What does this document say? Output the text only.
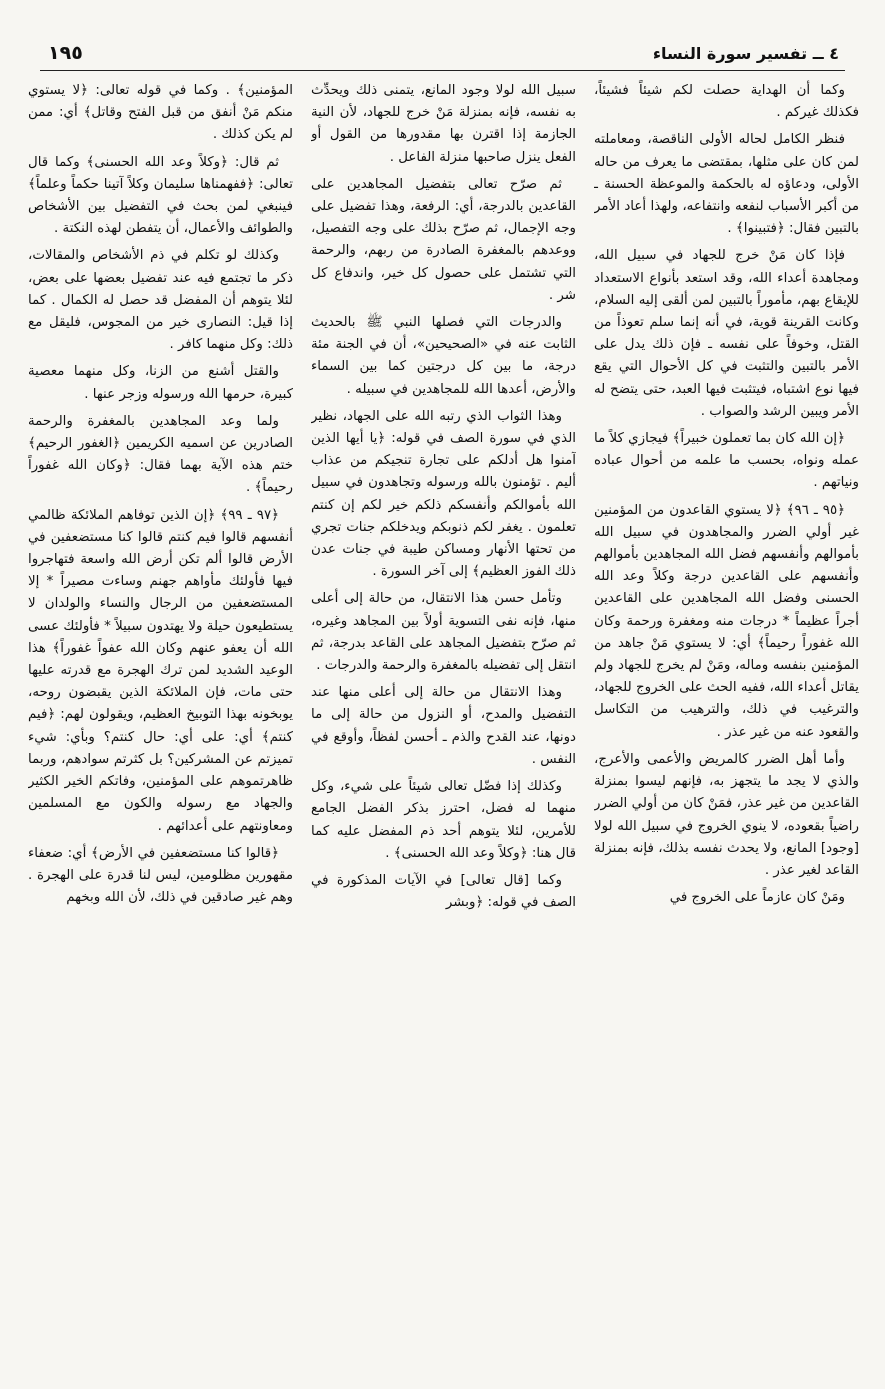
١٩٥	٤ ــ تفسير سورة النساء

وكما أن الهداية حصلت لكم شيئاً فشيئاً، فكذلك غيركم .

فنظر الكامل لحاله الأولى الناقصة، ومعاملته لمن كان على مثلها، بمقتضى ما يعرف من حاله الأولى، ودعاؤه له بالحكمة والموعظة الحسنة ـ من أكبر الأسباب لنفعه وانتفاعه، ولهذا أعاد الأمر بالتبين فقال: ﴿فتبينوا﴾ .

فإذا كان مَنْ خرج للجهاد في سبيل الله، ومجاهدة أعداء الله، وقد استعد بأنواع الاستعداد للإيقاع بهم، مأموراً بالتبين لمن ألقى إليه السلام، وكانت القرينة قوية، في أنه إنما سلم تعوذاً من القتل، وخوفاً على نفسه ـ فإن ذلك يدل على الأمر بالتبين والتثبت في كل الأحوال التي يقع فيها نوع اشتباه، فيتثبت فيها العبد، حتى يتضح له الأمر ويبين الرشد والصواب .

﴿إن الله كان بما تعملون خبيراً﴾ فيجازي كلاً ما عمله ونواه، بحسب ما علمه من أحوال عباده ونياتهم .

﴿٩٥ ـ ٩٦﴾ ﴿لا يستوي القاعدون من المؤمنين غير أولي الضرر والمجاهدون في سبيل الله بأموالهم وأنفسهم فضل الله المجاهدين بأموالهم وأنفسهم على القاعدين درجة وكلاً وعد الله الحسنى وفضل الله المجاهدين على القاعدين أجراً عظيماً * درجات منه ومغفرة ورحمة وكان الله غفوراً رحيماً﴾ أي: لا يستوي مَنْ جاهد من المؤمنين بنفسه وماله، ومَنْ لم يخرج للجهاد ولم يقاتل أعداء الله، ففيه الحث على الخروج للجهاد، والترغيب في ذلك، والترهيب من التكاسل والقعود عنه من غير عذر .

وأما أهل الضرر كالمريض والأعمى والأعرج، والذي لا يجد ما يتجهز به، فإنهم ليسوا بمنزلة القاعدين من غير عذر، فمَنْ كان من أولي الضرر راضياً بقعوده، لا ينوي الخروج في سبيل الله لولا [وجود] المانع، ولا يحدث نفسه بذلك، فإنه بمنزلة القاعد لغير عذر .

ومَنْ كان عازماً على الخروج في

سبيل الله لولا وجود المانع، يتمنى ذلك ويحدِّث به نفسه، فإنه بمنزلة مَنْ خرج للجهاد، لأن النية الجازمة إذا اقترن بها مقدورها من القول أو الفعل ينزل صاحبها منزلة الفاعل .

ثم صرّح تعالى بتفضيل المجاهدين على القاعدين بالدرجة، أي: الرفعة، وهذا تفضيل على وجه الإجمال، ثم صرّح بذلك على وجه التفصيل، ووعدهم بالمغفرة الصادرة من ربهم، والرحمة التي تشتمل على حصول كل خير، واندفاع كل شر .

والدرجات التي فصلها النبي ﷺ بالحديث الثابت عنه في «الصحيحين»، أن في الجنة مئة درجة، ما بين كل درجتين كما بين السماء والأرض، أعدها الله للمجاهدين في سبيله .

وهذا الثواب الذي رتبه الله على الجهاد، نظير الذي في سورة الصف في قوله: ﴿يا أيها الذين آمنوا هل أدلكم على تجارة تنجيكم من عذاب أليم . تؤمنون بالله ورسوله وتجاهدون في سبيل الله بأموالكم وأنفسكم ذلكم خير لكم إن كنتم تعلمون . يغفر لكم ذنوبكم ويدخلكم جنات تجري من تحتها الأنهار ومساكن طيبة في جنات عدن ذلك الفوز العظيم﴾ إلى آخر السورة .

وتأمل حسن هذا الانتقال، من حالة إلى أعلى منها، فإنه نفى التسوية أولاً بين المجاهد وغيره، ثم صرّح بتفضيل المجاهد على القاعد بدرجة، ثم انتقل إلى تفضيله بالمغفرة والرحمة والدرجات .

وهذا الانتقال من حالة إلى أعلى منها عند التفضيل والمدح، أو النزول من حالة إلى ما دونها، عند القدح والذم ـ أحسن لفظاً، وأوقع في النفس .

وكذلك إذا فضّل تعالى شيئاً على شيء، وكل منهما له فضل، احترز بذكر الفضل الجامع للأمرين، لئلا يتوهم أحد ذم المفضل عليه كما قال هنا: ﴿وكلاً وعد الله الحسنى﴾ .

وكما [قال تعالى] في الآيات المذكورة في الصف في قوله: ﴿وبشر

المؤمنين﴾ . وكما في قوله تعالى: ﴿لا يستوي منكم مَنْ أنفق من قبل الفتح وقاتل﴾ أي: ممن لم يكن كذلك .

ثم قال: ﴿وكلاً وعد الله الحسنى﴾ وكما قال تعالى: ﴿ففهمناها سليمان وكلاً آتينا حكماً وعلماً﴾ فينبغي لمن بحث في التفضيل بين الأشخاص والطوائف والأعمال، أن يتفطن لهذه النكتة .

وكذلك لو تكلم في ذم الأشخاص والمقالات، ذكر ما تجتمع فيه عند تفضيل بعضها على بعض، لئلا يتوهم أن المفضل قد حصل له الكمال . كما إذا قيل: النصارى خير من المجوس، فليقل مع ذلك: وكل منهما كافر .

والقتل أشنع من الزنا، وكل منهما معصية كبيرة، حرمها الله ورسوله وزجر عنها .

ولما وعد المجاهدين بالمغفرة والرحمة الصادرين عن اسميه الكريمين ﴿الغفور الرحيم﴾ ختم هذه الآية بهما فقال: ﴿وكان الله غفوراً رحيماً﴾ .

﴿٩٧ ـ ٩٩﴾ ﴿إن الذين توفاهم الملائكة ظالمي أنفسهم قالوا فيم كنتم قالوا كنا مستضعفين في الأرض قالوا ألم تكن أرض الله واسعة فتهاجروا فيها فأولئك مأواهم جهنم وساءت مصيراً * إلا المستضعفين من الرجال والنساء والولدان لا يستطيعون حيلة ولا يهتدون سبيلاً * فأولئك عسى الله أن يعفو عنهم وكان الله عفواً غفوراً﴾ هذا الوعيد الشديد لمن ترك الهجرة مع قدرته عليها حتى مات، فإن الملائكة الذين يقبضون روحه، يوبخونه بهذا التوبيخ العظيم، ويقولون لهم: ﴿فيم كنتم﴾ أي: على أي: حال كنتم؟ وبأي: شيء تميزتم عن المشركين؟ بل كثرتم سوادهم، وربما ظاهرتموهم على المؤمنين، وفاتكم الخير الكثير والجهاد مع رسوله والكون مع المسلمين ومعاونتهم على أعدائهم .

﴿قالوا كنا مستضعفين في الأرض﴾ أي: ضعفاء مقهورين مظلومين، ليس لنا قدرة على الهجرة . وهم غير صادقين في ذلك، لأن الله وبخهم
